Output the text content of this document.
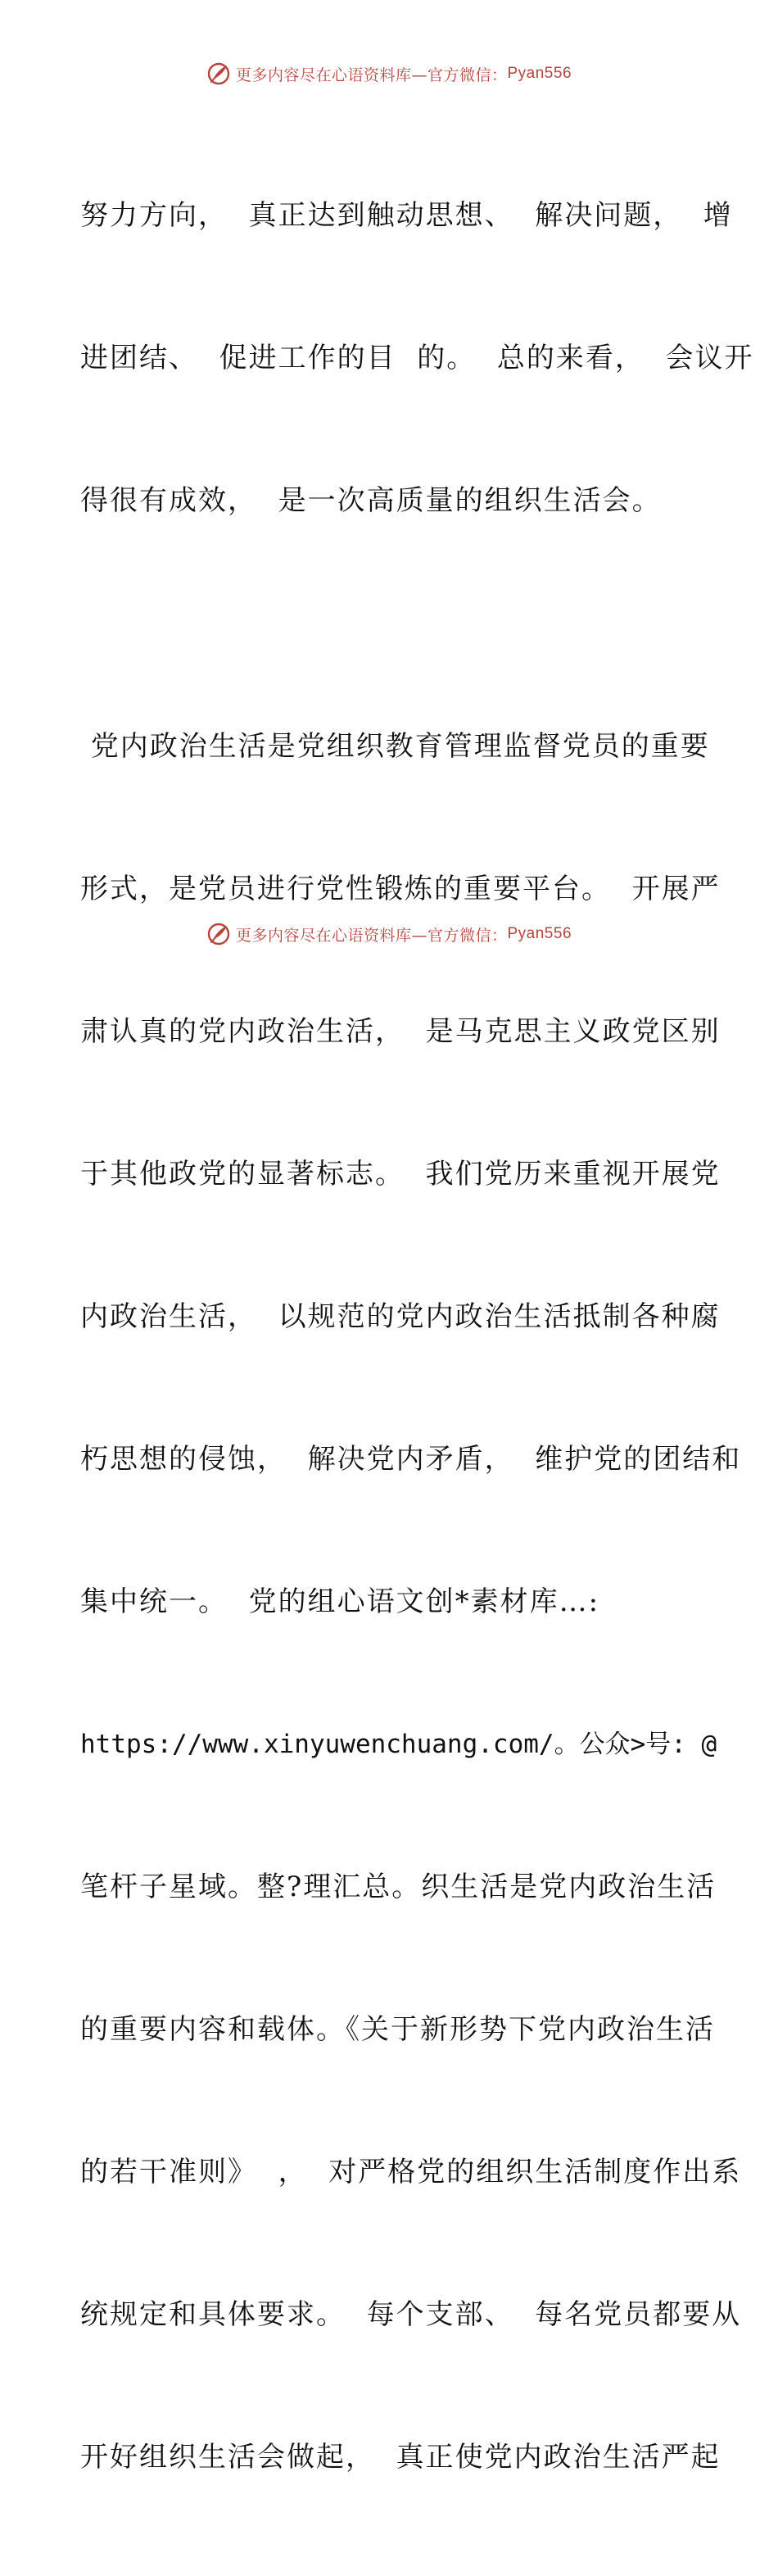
更多内容尽在心语资料库—官方微信： Pyan556

努力方向，  真正达到触动思想、  解决问题，  增

进团结、  促进工作的目  的。  总的来看，  会议开

得很有成效，  是一次高质量的组织生活会。

党内政治生活是党组织教育管理监督党员的重要

形式，是党员进行党性锻炼的重要平台。  开展严

肃认真的党内政治生活，  是马克思主义政党区别

于其他政党的显著标志。  我们党历来重视开展党

内政治生活，  以规范的党内政治生活抵制各种腐

朽思想的侵蚀，  解决党内矛盾，  维护党的团结和

集中统一。  党的组心语文创*素材库…:

https://www.xinyuwenchuang.com/。公众>号: @

笔杆子星域。整?理汇总。织生活是党内政治生活

的重要内容和载体。《关于新形势下党内政治生活

的若干准则》  ，  对严格党的组织生活制度作出系

统规定和具体要求。  每个支部、  每名党员都要从

开好组织生活会做起，  真正使党内政治生活严起

更多内容尽在心语资料库—官方微信： Pyan556
